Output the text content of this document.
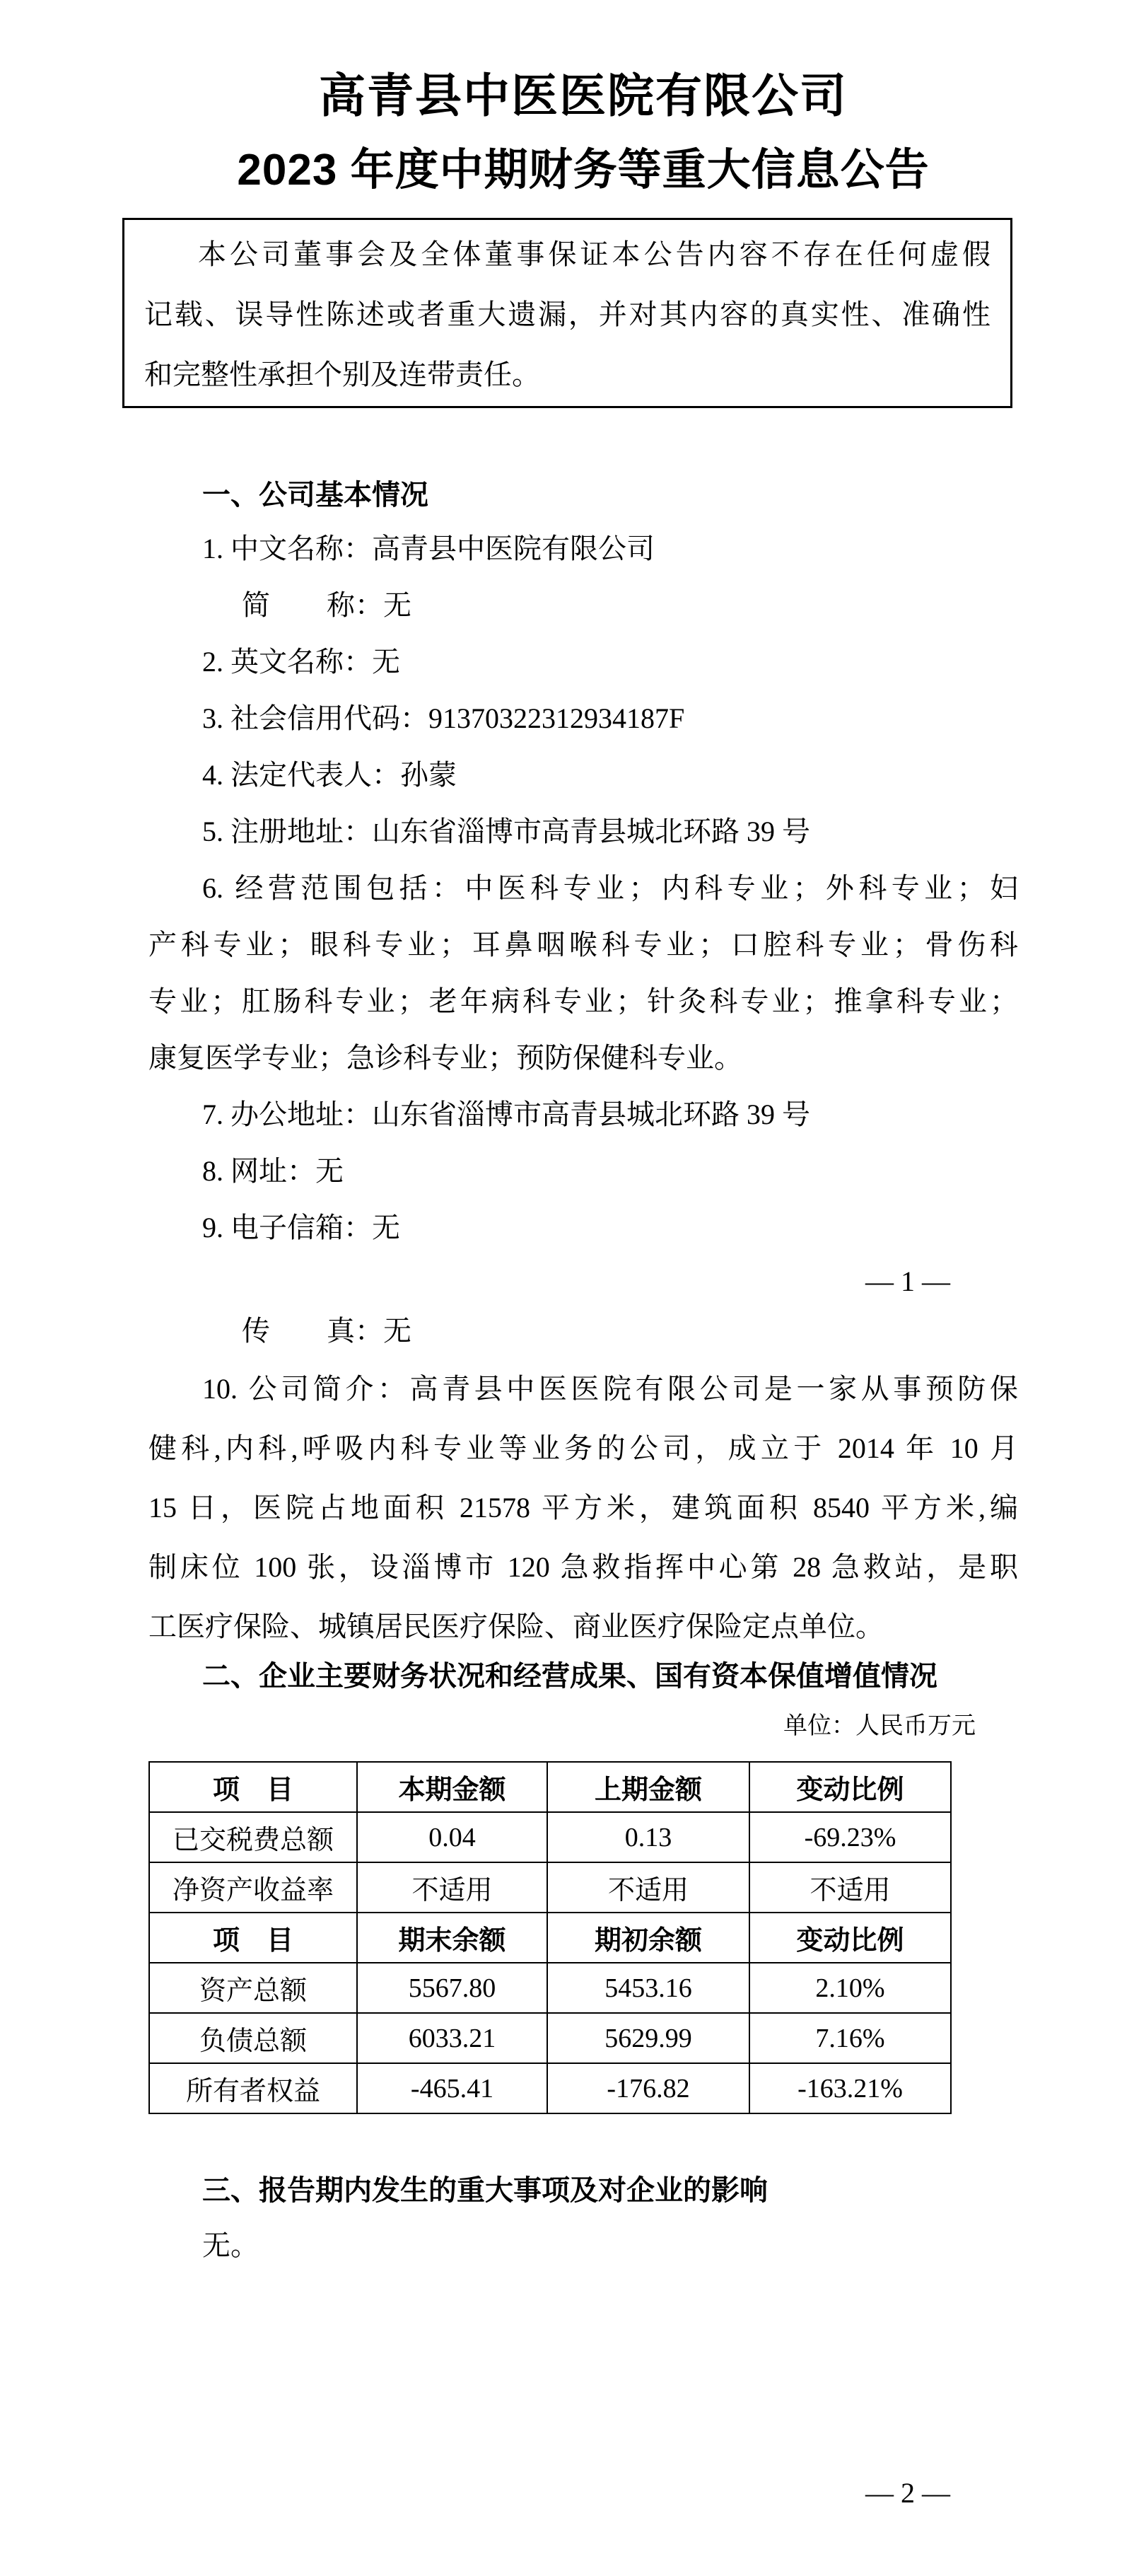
高青县中医医院有限公司
2023 年度中期财务等重大信息公告
本公司董事会及全体董事保证本公告内容不存在任何虚假
记载、误导性陈述或者重大遗漏，并对其内容的真实性、准确性
和完整性承担个别及连带责任。
一、公司基本情况
1. 中文名称：高青县中医院有限公司
简　　称：无
2. 英文名称：无
3. 社会信用代码：91370322312934187F
4. 法定代表人：孙蒙
5. 注册地址：山东省淄博市高青县城北环路 39 号
6. 经营范围包括：中医科专业；内科专业；外科专业；妇
产科专业；眼科专业；耳鼻咽喉科专业；口腔科专业；骨伤科
专业；肛肠科专业；老年病科专业；针灸科专业；推拿科专业；
康复医学专业；急诊科专业；预防保健科专业。
7. 办公地址：山东省淄博市高青县城北环路 39 号
8. 网址：无
9. 电子信箱：无
— 1 —
传　　真：无
10. 公司简介：高青县中医医院有限公司是一家从事预防保
健科,内科,呼吸内科专业等业务的公司，成立于 2014 年 10 月
15 日，医院占地面积 21578 平方米，建筑面积 8540 平方米,编
制床位 100 张，设淄博市 120 急救指挥中心第 28 急救站，是职
工医疗保险、城镇居民医疗保险、商业医疗保险定点单位。
二、企业主要财务状况和经营成果、国有资本保值增值情况
单位：人民币万元
项　目	本期金额	上期金额	变动比例
已交税费总额	0.04	0.13	-69.23%
净资产收益率	不适用	不适用	不适用
项　目	期末余额	期初余额	变动比例
资产总额	5567.80	5453.16	2.10%
负债总额	6033.21	5629.99	7.16%
所有者权益	-465.41	-176.82	-163.21%
三、报告期内发生的重大事项及对企业的影响
无。
— 2 —
